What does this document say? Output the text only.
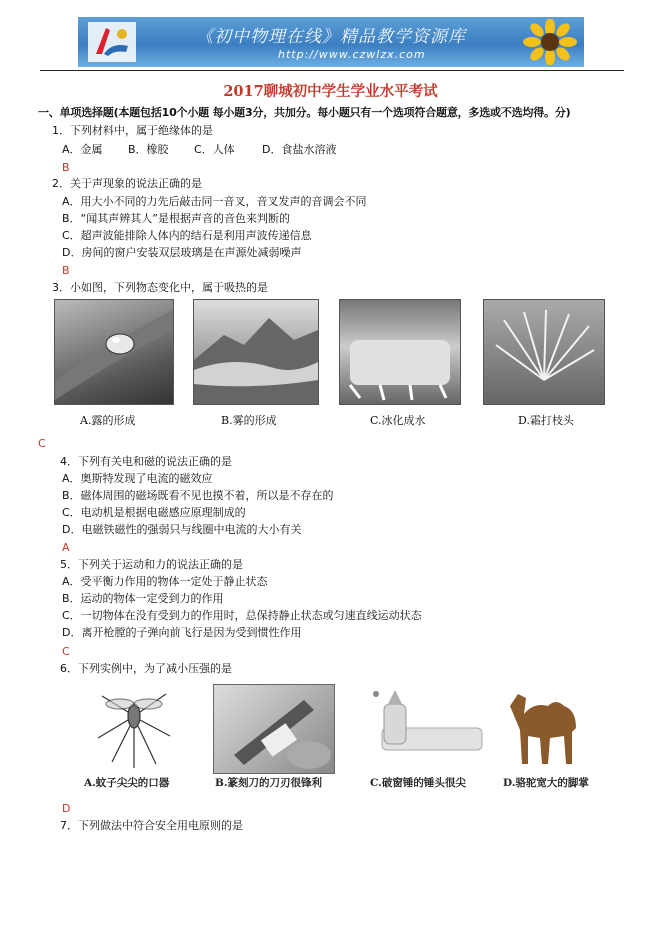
《初中物理在线》精品教学资源库
http://www.czwlzx.com
2017聊城初中学生学业水平考试
一、单项选择题(本题包括10个小题 每小题3分，共加分。每小题只有一个选项符合题意，多选或不选均得。分)
1．下列材料中，属于绝缘体的是
A．金属 B．橡胶 C．人体 D．食盐水溶液
B
2．关于声现象的说法正确的是
A．用大小不同的力先后敲击同一音叉，音叉发声的音调会不同
B．“闻其声辨其人”是根据声音的音色来判断的
C．超声波能排除人体内的结石是利用声波传递信息
D．房间的窗户安装双层玻璃是在声源处减弱噪声
B
3．小如图，下列物态变化中，属于吸热的是
A.露的形成	B.雾的形成	C.冰化成水	D.霜打枝头
C
4．下列有关电和磁的说法正确的是
A．奥斯特发现了电流的磁效应
B．磁体周围的磁场既看不见也摸不着，所以是不存在的
C．电动机是根据电磁感应原理制成的
D．电磁铁磁性的强弱只与线圈中电流的大小有关
A
5．下列关于运动和力的说法正确的是
A．受平衡力作用的物体一定处于静止状态
B．运动的物体一定受到力的作用
C．一切物体在没有受到力的作用时，总保持静止状态或匀速直线运动状态
D．离开枪膛的子弹向前飞行是因为受到惯性作用
C
6．下列实例中，为了减小压强的是
A.蚊子尖尖的口器	B.篆刻刀的刀刃很锋利	C.破窗锤的锤头很尖	D.骆驼宽大的脚掌
D
7．下列做法中符合安全用电原则的是
